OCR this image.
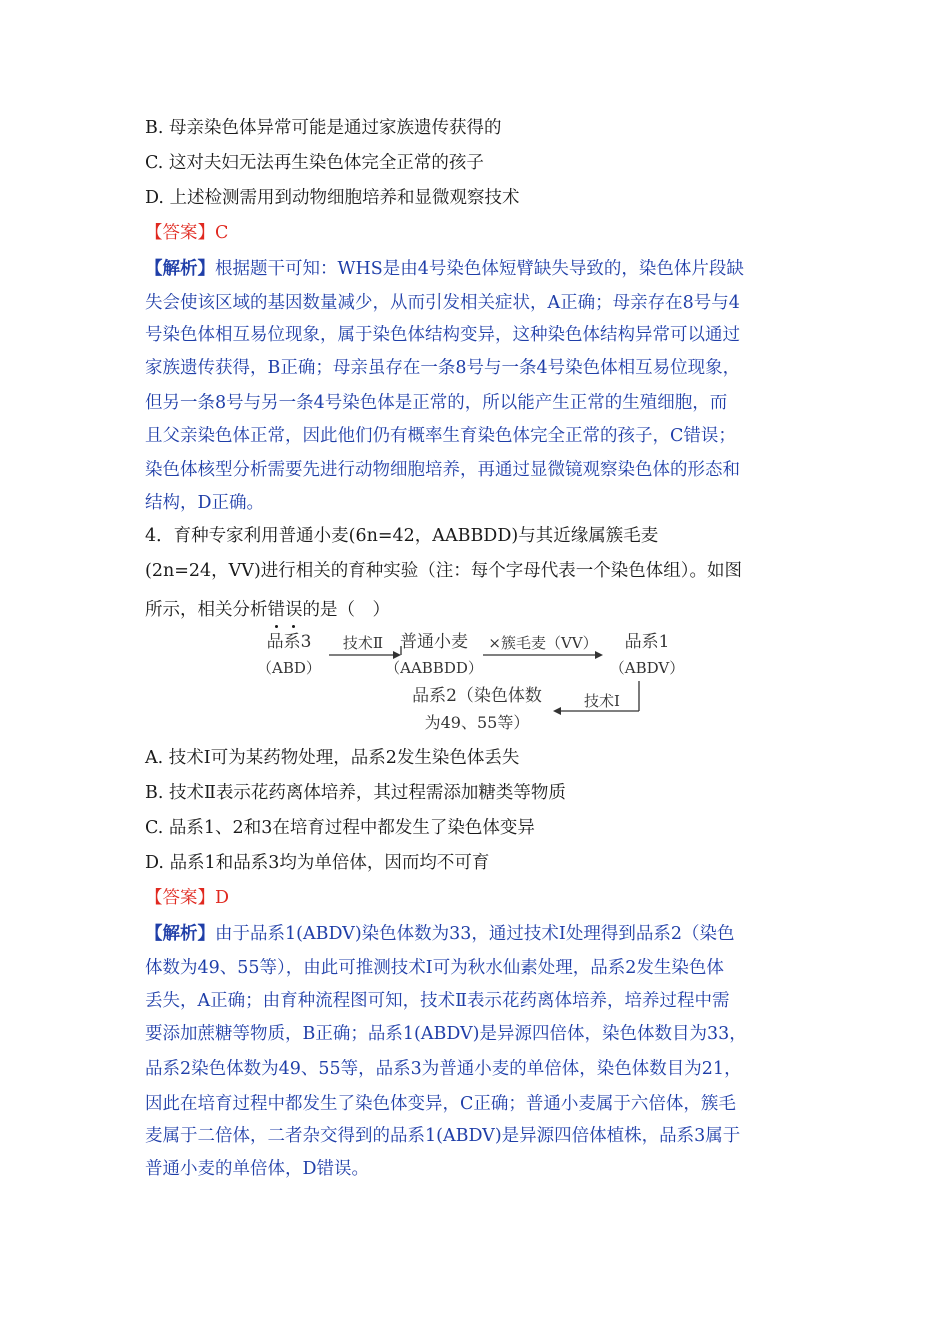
B. 母亲染色体异常可能是通过家族遗传获得的
C. 这对夫妇无法再生染色体完全正常的孩子
D. 上述检测需用到动物细胞培养和显微观察技术
【答案】C
【解析】根据题干可知：WHS是由4号染色体短臂缺失导致的，染色体片段缺
失会使该区域的基因数量减少，从而引发相关症状，A正确；母亲存在8号与4
号染色体相互易位现象，属于染色体结构变异，这种染色体结构异常可以通过
家族遗传获得，B正确；母亲虽存在一条8号与一条4号染色体相互易位现象，
但另一条8号与另一条4号染色体是正常的，所以能产生正常的生殖细胞，而
且父亲染色体正常，因此他们仍有概率生育染色体完全正常的孩子，C错误；
染色体核型分析需要先进行动物细胞培养，再通过显微镜观察染色体的形态和
结构，D正确。
4．育种专家利用普通小麦(6n=42，AABBDD)与其近缘属簇毛麦
(2n=24，VV)进行相关的育种实验（注：每个字母代表一个染色体组）。如图
所示，相关分析错误的是（　）
品系3
（ABD）
技术Ⅱ 普通小麦
（AABBDD）
×簇毛麦（VV） 品系1
（ABDV）
技术Ⅰ
品系2（染色体数
为49、55等）
A. 技术Ⅰ可为某药物处理，品系2发生染色体丢失
B. 技术Ⅱ表示花药离体培养，其过程需添加糖类等物质
C. 品系1、2和3在培育过程中都发生了染色体变异
D. 品系1和品系3均为单倍体，因而均不可育
【答案】D
【解析】由于品系1(ABDV)染色体数为33，通过技术Ⅰ处理得到品系2（染色
体数为49、55等），由此可推测技术Ⅰ可为秋水仙素处理，品系2发生染色体
丢失，A正确；由育种流程图可知，技术Ⅱ表示花药离体培养，培养过程中需
要添加蔗糖等物质，B正确；品系1(ABDV)是异源四倍体，染色体数目为33，
品系2染色体数为49、55等，品系3为普通小麦的单倍体，染色体数目为21，
因此在培育过程中都发生了染色体变异，C正确；普通小麦属于六倍体，簇毛
麦属于二倍体，二者杂交得到的品系1(ABDV)是异源四倍体植株，品系3属于
普通小麦的单倍体，D错误。
